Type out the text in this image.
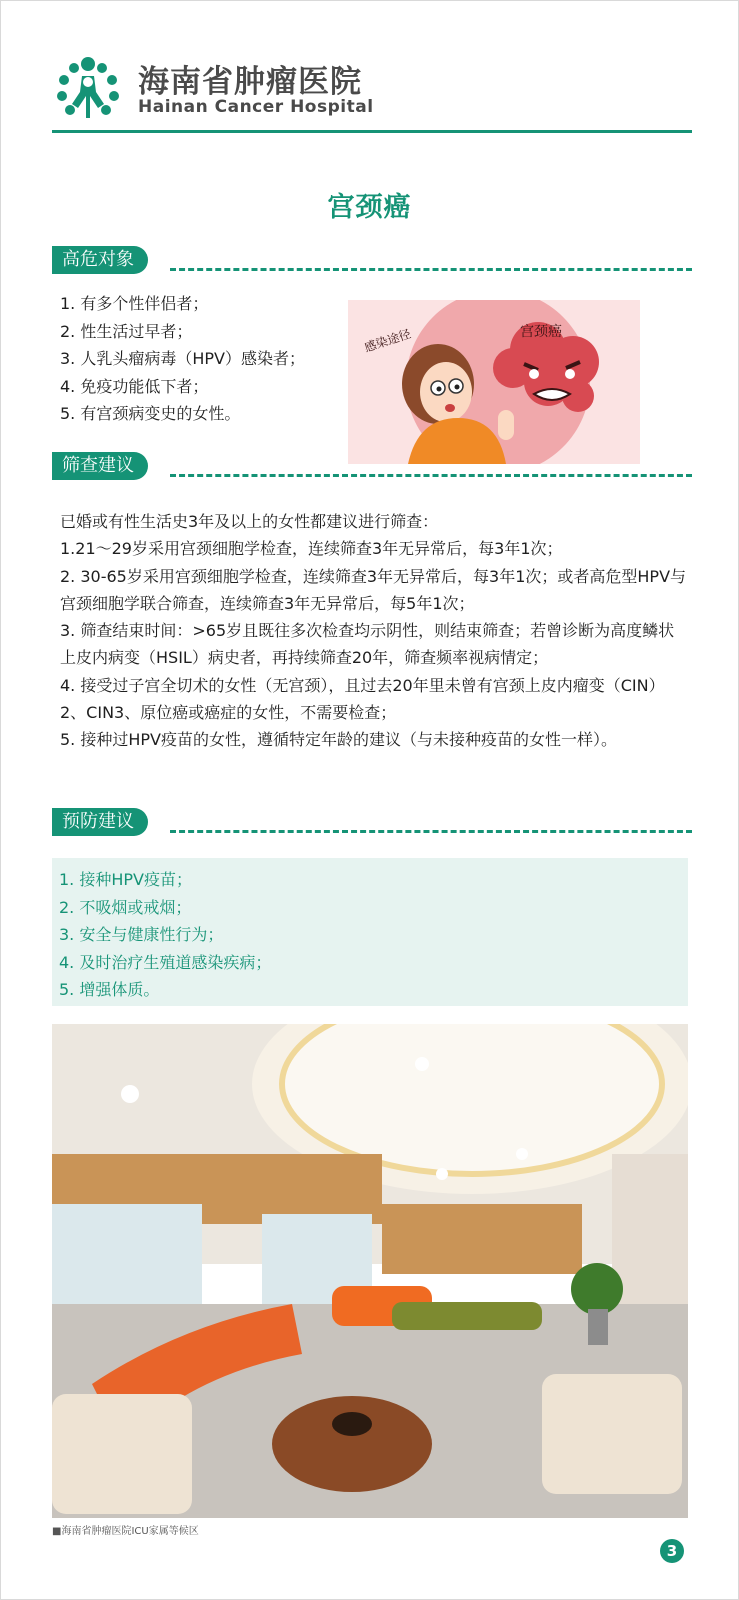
海南省肿瘤医院
Hainan Cancer Hospital
宫颈癌
高危对象
1. 有多个性伴侣者；
2. 性生活过早者；
3. 人乳头瘤病毒（HPV）感染者；
4. 免疫功能低下者；
5. 有宫颈病变史的女性。
宫颈癌
感染途径
筛查建议

已婚或有性生活史3年及以上的女性都建议进行筛查：

1.21～29岁采用宫颈细胞学检查，连续筛查3年无异常后，每3年1次；

2. 30-65岁采用宫颈细胞学检查，连续筛查3年无异常后，每3年1次；或者高危型HPV与宫颈细胞学联合筛查，连续筛查3年无异常后，每5年1次；

3. 筛查结束时间：>65岁且既往多次检查均示阴性，则结束筛查；若曾诊断为高度鳞状上皮内病变（HSIL）病史者，再持续筛查20年，筛查频率视病情定；

4. 接受过子宫全切术的女性（无宫颈），且过去20年里未曾有宫颈上皮内瘤变（CIN）2、CIN3、原位癌或癌症的女性，不需要检查；

5. 接种过HPV疫苗的女性，遵循特定年龄的建议（与未接种疫苗的女性一样）。

预防建议
1. 接种HPV疫苗；
2. 不吸烟或戒烟；
3. 安全与健康性行为；
4. 及时治疗生殖道感染疾病；
5. 增强体质。
■海南省肿瘤医院ICU家属等候区
3
